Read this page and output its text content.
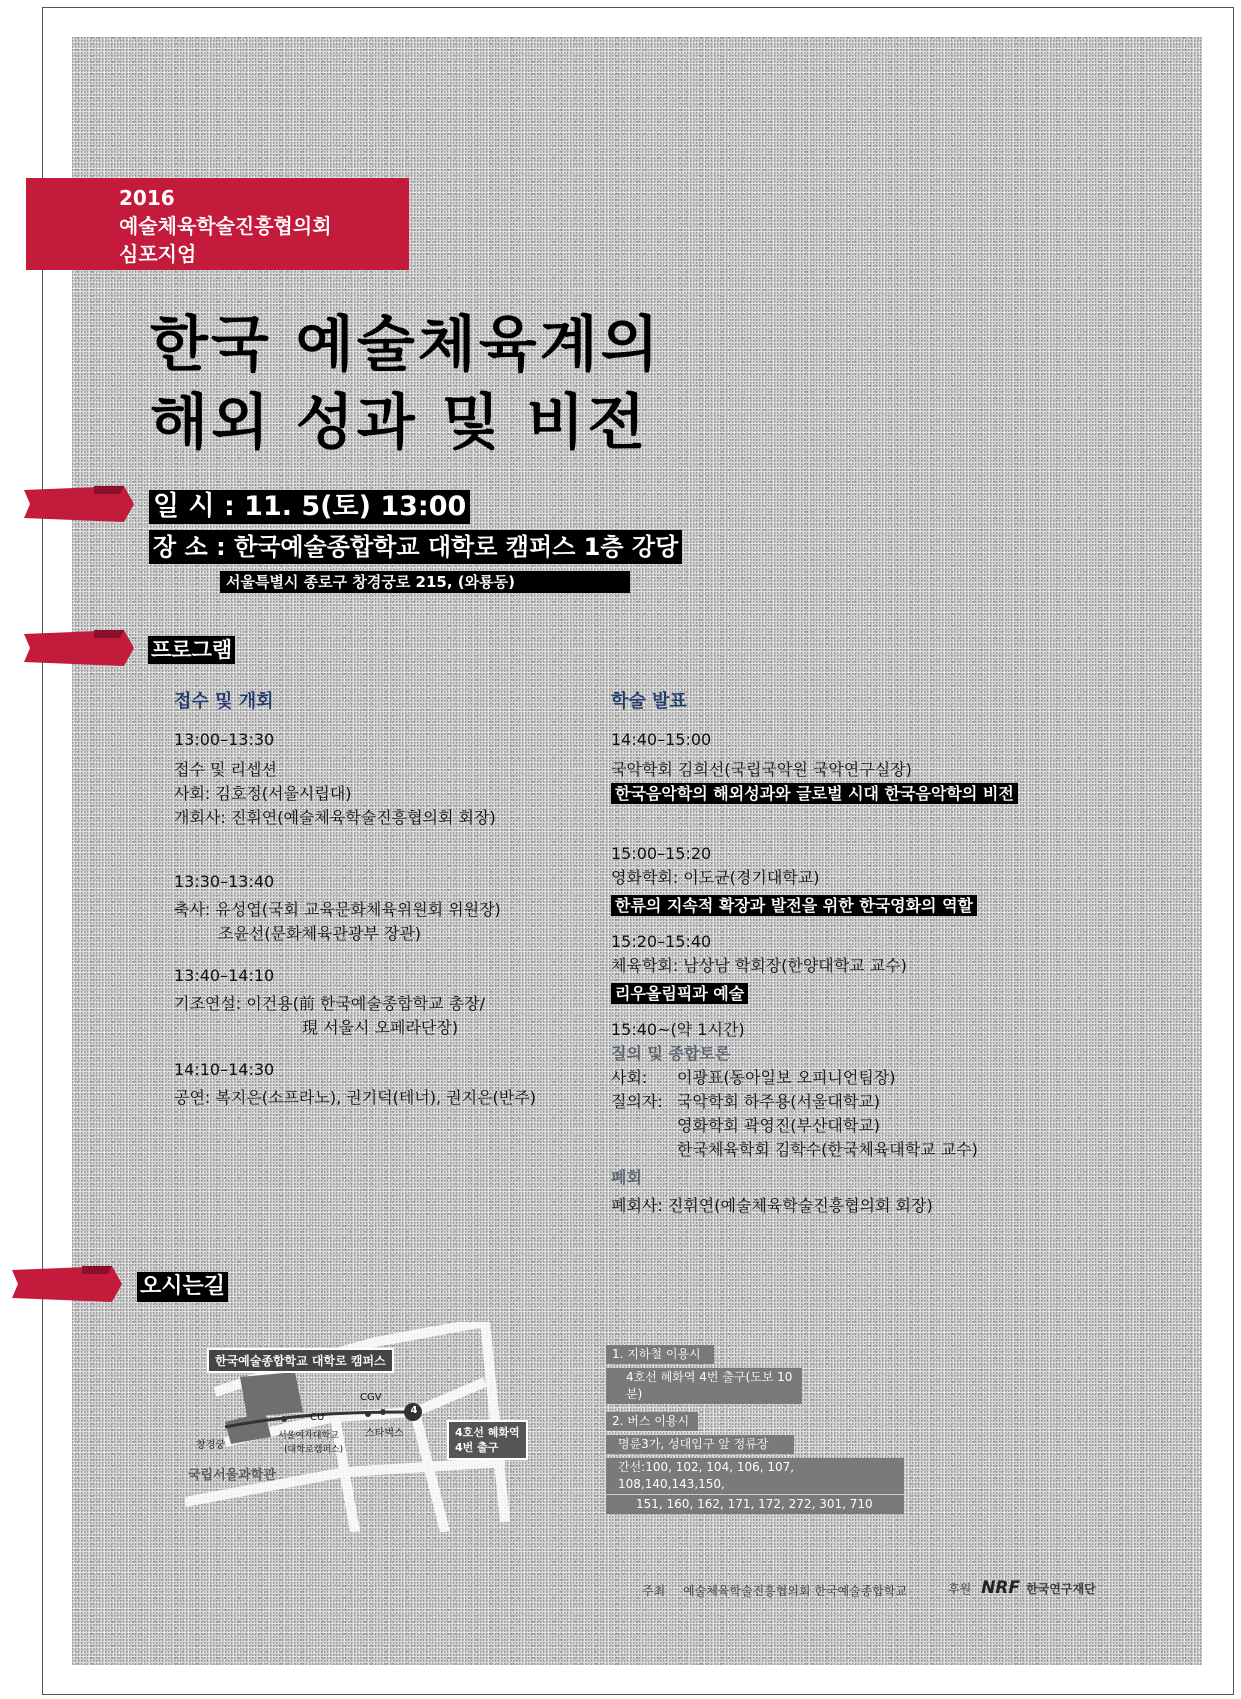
2016
예술체육학술진흥협의회
심포지엄
한국 예술체육계의
해외 성과 및 비전
일 시 : 11. 5(토) 13:00
장 소 : 한국예술종합학교 대학로 캠퍼스 1층 강당
서울특별시 종로구 창경궁로 215, (와룡동)
프로그램
접수 및 개회
13:00–13:30
접수 및 리셉션
사회: 김호정(서울시립대)
개회사: 진휘연(예술체육학술진흥협의회 회장)
13:30–13:40
축사: 유성엽(국회 교육문화체육위원회 위원장)
조윤선(문화체육관광부 장관)
13:40–14:10
기조연설: 이건용(前 한국예술종합학교 총장/
現 서울시 오페라단장)
14:10–14:30
공연: 복지은(소프라노), 권기덕(테너), 권지은(반주)
학술 발표
14:40–15:00
국악학회 김희선(국립국악원 국악연구실장)
한국음악학의 해외성과와 글로벌 시대 한국음악학의 비전
15:00–15:20
영화학회: 이도균(경기대학교)
한류의 지속적 확장과 발전을 위한 한국영화의 역할
15:20–15:40
체육학회: 남상남 학회장(한양대학교 교수)
리우올림픽과 예술
15:40~(약 1시간)
질의 및 종합토론
사회:	이광표(동아일보 오피니언팀장)
질의자: 국악학회 하주용(서울대학교)
영화학회 곽영진(부산대학교)
한국체육학회 김학수(한국체육대학교 교수)
폐회
폐회사: 진휘연(예술체육학술진흥협의회 회장)
오시는길
한국예술종합학교 대학로 캠퍼스
창경궁
국립서울과학관
CU
서울여자대학교
(대학로캠퍼스)
CGV
스타벅스
4
4호선 혜화역
4번 출구
1. 지하철 이용시
4호선 혜화역 4번 출구(도보 10분)
2. 버스 이용시
명륜3가, 성대입구 앞 정류장
간선:100, 102, 104, 106, 107, 108,140,143,150,
151, 160, 162, 171, 172, 272, 301, 710
주최 예술체육학술진흥협의회 한국예술종합학교	후원 NRF 한국연구재단
